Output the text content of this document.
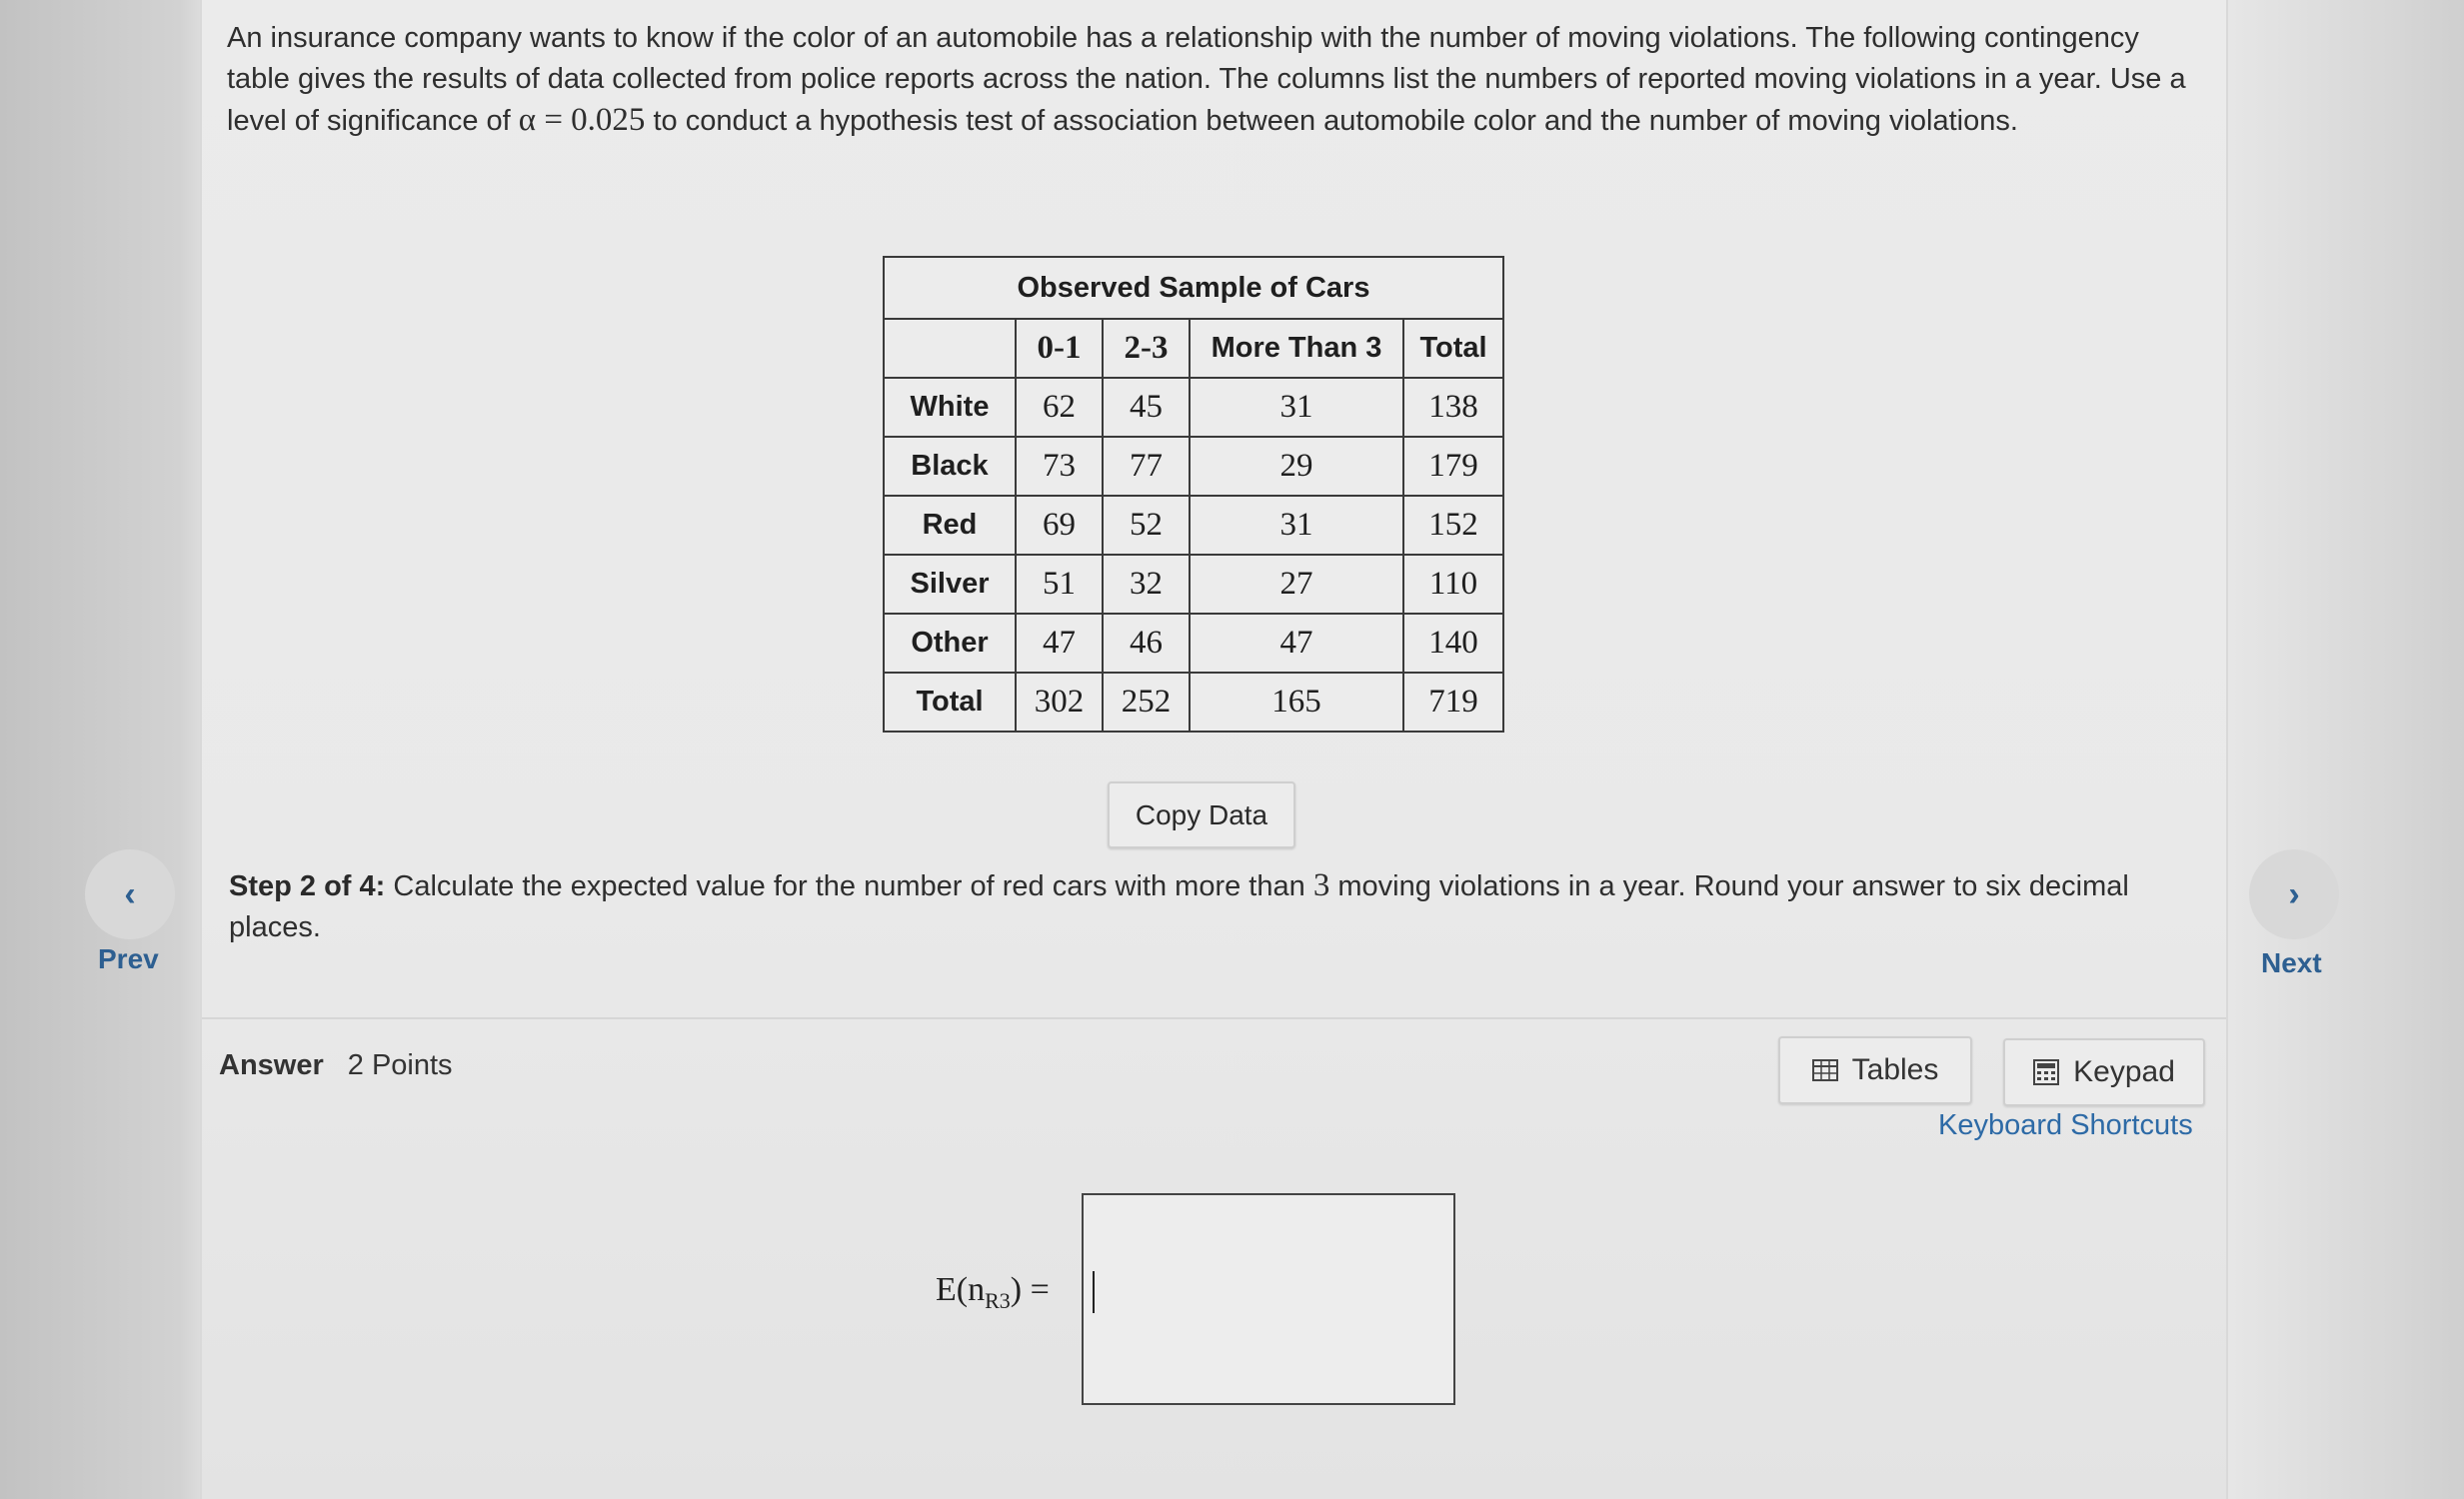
‹
Prev
›
Next
An insurance company wants to know if the color of an automobile has a relationship with the number of moving violations. The following contingency table gives the results of data collected from police reports across the nation. The columns list the numbers of reported moving violations in a year. Use a level of significance of α = 0.025 to conduct a hypothesis test of association between automobile color and the number of moving violations.
Observed Sample of Cars				
	0-1	2-3	More Than 3	Total
White	62	45	31	138
Black	73	77	29	179
Red	69	52	31	152
Silver	51	32	27	110
Other	47	46	47	140
Total	302	252	165	719
Copy Data
Step 2 of 4: Calculate the expected value for the number of red cars with more than 3 moving violations in a year. Round your answer to six decimal places.
Answer 2 Points	Tables	Keypad
Keyboard Shortcuts
$E(n_{R3})$ =
